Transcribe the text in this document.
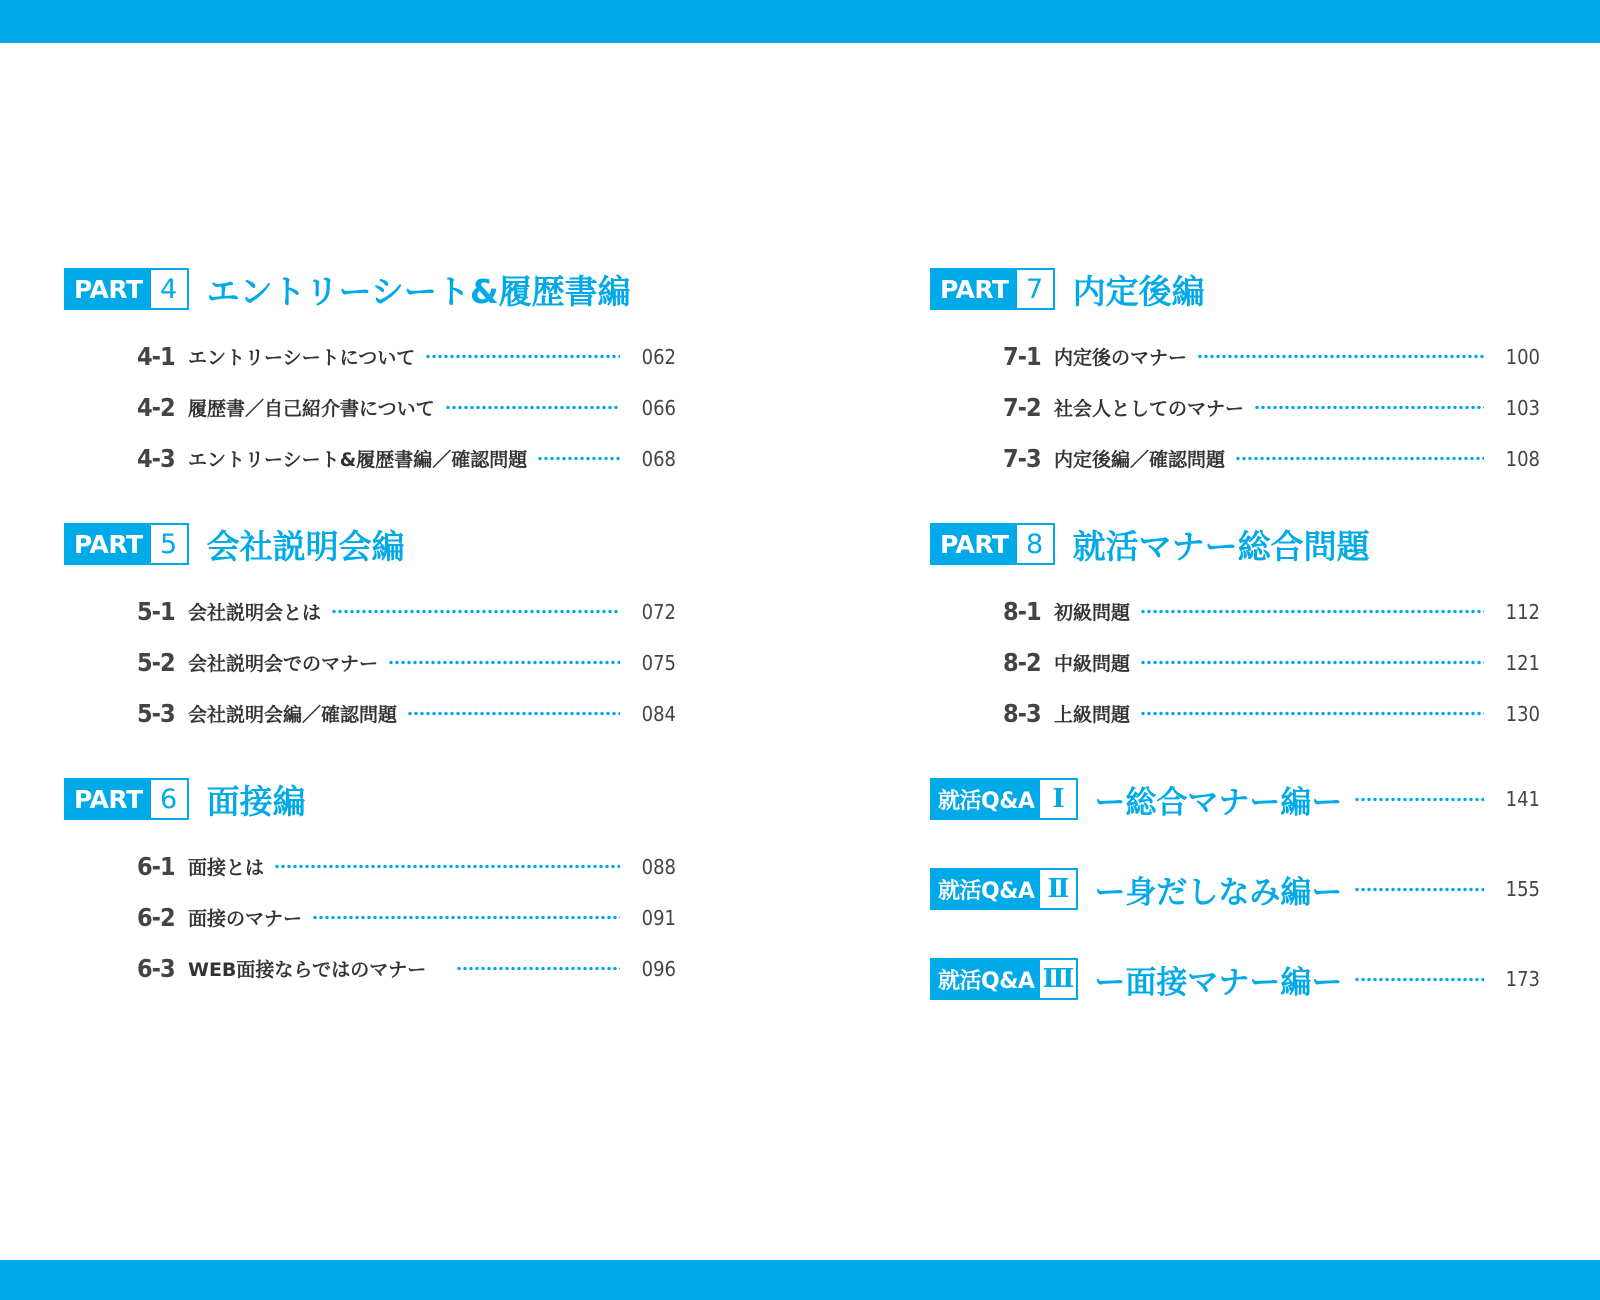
PART 4 エントリーシート&履歴書編
4-1 エントリーシートについて	062
4-2 履歴書／自己紹介書について	066
4-3 エントリーシート&履歴書編／確認問題	068
PART 5 会社説明会編
5-1 会社説明会とは	072
5-2 会社説明会でのマナー	075
5-3 会社説明会編／確認問題	084
PART 6 面接編
6-1 面接とは	088
6-2 面接のマナー	091
6-3 WEB面接ならではのマナー	096
PART 7 内定後編
7-1 内定後のマナー	100
7-2 社会人としてのマナー	103
7-3 内定後編／確認問題	108
PART 8 就活マナー総合問題
8-1 初級問題	112
8-2 中級問題	121
8-3 上級問題	130
就活Q&A Ⅰ ー総合マナー編ー	141
就活Q&A Ⅱ ー身だしなみ編ー	155
就活Q&A Ⅲ ー面接マナー編ー	173
